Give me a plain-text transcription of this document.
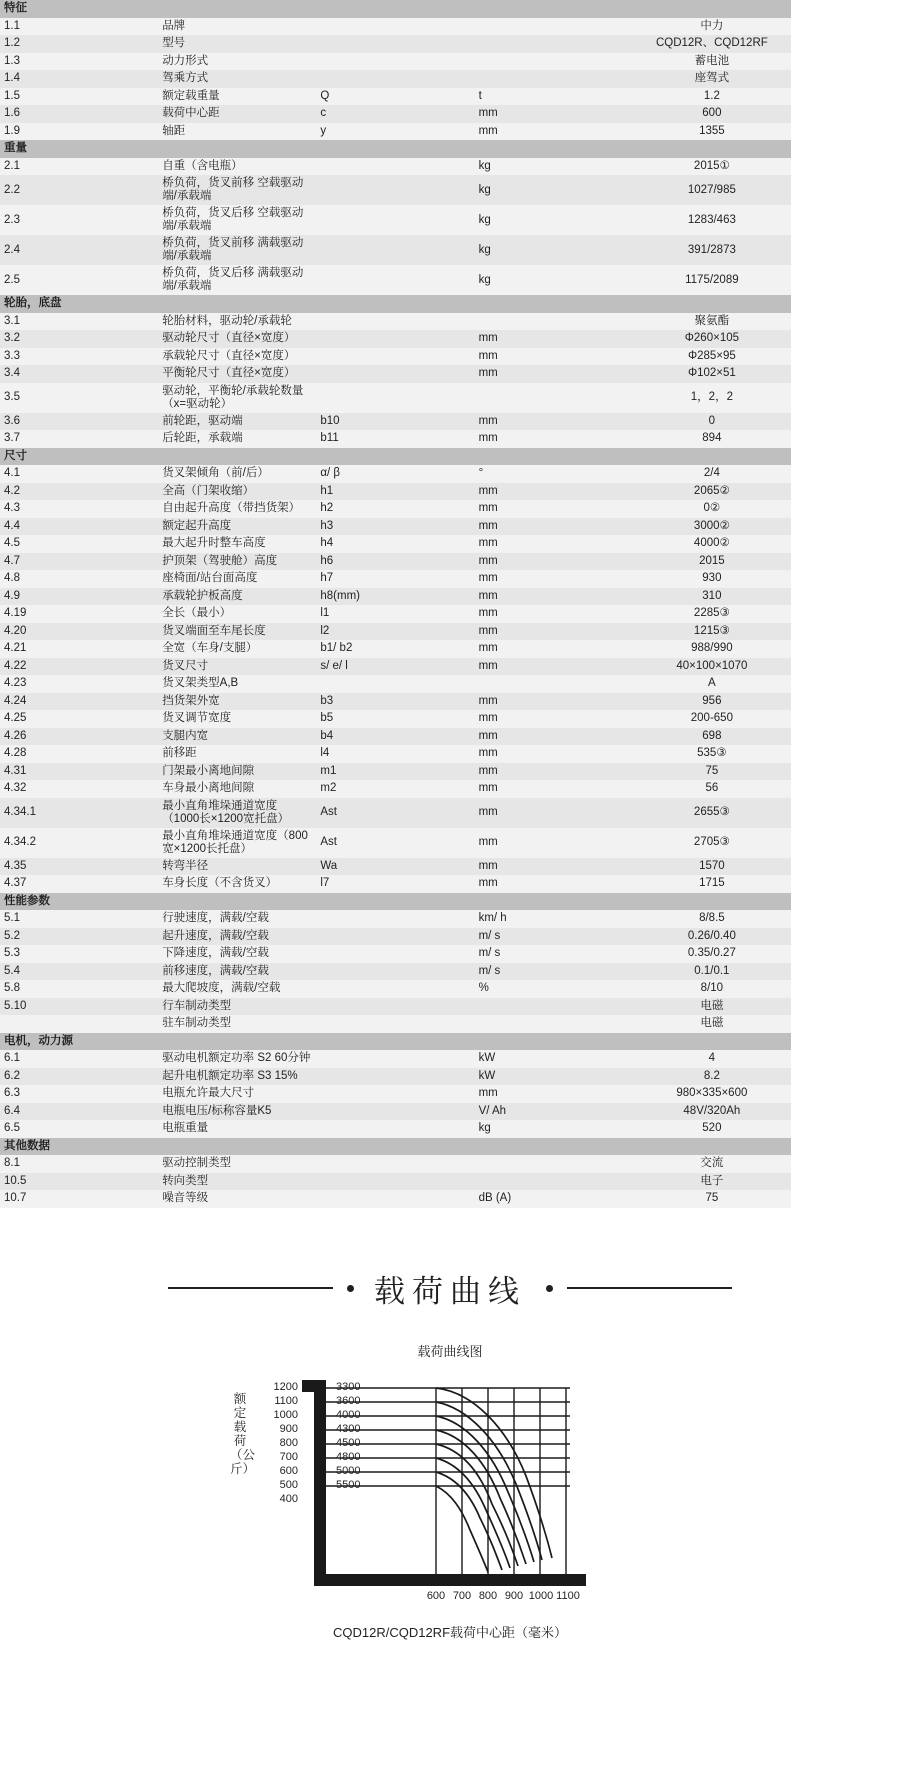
特征				
1.1	品牌			中力
1.2	型号			CQD12R、CQD12RF
1.3	动力形式			蓄电池
1.4	驾乘方式			座驾式
1.5	额定载重量	Q	t	1.2
1.6	载荷中心距	c	mm	600
1.9	轴距	y	mm	1355
重量				
2.1	自重（含电瓶）		kg	2015①
2.2	桥负荷，货叉前移 空载驱动端/承载端		kg	1027/985
2.3	桥负荷，货叉后移 空载驱动端/承载端		kg	1283/463
2.4	桥负荷，货叉前移 满载驱动端/承载端		kg	391/2873
2.5	桥负荷，货叉后移 满载驱动端/承载端		kg	1175/2089
轮胎，底盘				
3.1	轮胎材料，驱动轮/承载轮			聚氨酯
3.2	驱动轮尺寸（直径×宽度）		mm	Φ260×105
3.3	承载轮尺寸（直径×宽度）		mm	Φ285×95
3.4	平衡轮尺寸（直径×宽度）		mm	Φ102×51
3.5	驱动轮，平衡轮/承载轮数量（x=驱动轮）			1，2，2
3.6	前轮距，驱动端	b10	mm	0
3.7	后轮距，承载端	b11	mm	894
尺寸				
4.1	货叉架倾角（前/后）	α/ β	°	2/4
4.2	全高（门架收缩）	h1	mm	2065②
4.3	自由起升高度（带挡货架）	h2	mm	0②
4.4	额定起升高度	h3	mm	3000②
4.5	最大起升时整车高度	h4	mm	4000②
4.7	护顶架（驾驶舱）高度	h6	mm	2015
4.8	座椅面/站台面高度	h7	mm	930
4.9	承载轮护板高度	h8(mm)	mm	310
4.19	全长（最小）	l1	mm	2285③
4.20	货叉端面至车尾长度	l2	mm	1215③
4.21	全宽（车身/支腿）	b1/ b2	mm	988/990
4.22	货叉尺寸	s/ e/ l	mm	40×100×1070
4.23	货叉架类型A,B			A
4.24	挡货架外宽	b3	mm	956
4.25	货叉调节宽度	b5	mm	200-650
4.26	支腿内宽	b4	mm	698
4.28	前移距	l4	mm	535③
4.31	门架最小离地间隙	m1	mm	75
4.32	车身最小离地间隙	m2	mm	56
4.34.1	最小直角堆垛通道宽度（1000长×1200宽托盘）	Ast	mm	2655③
4.34.2	最小直角堆垛通道宽度（800宽×1200长托盘）	Ast	mm	2705③
4.35	转弯半径	Wa	mm	1570
4.37	车身长度（不含货叉）	l7	mm	1715
性能参数				
5.1	行驶速度，满载/空载		km/ h	8/8.5
5.2	起升速度，满载/空载		m/ s	0.26/0.40
5.3	下降速度，满载/空载		m/ s	0.35/0.27
5.4	前移速度，满载/空载		m/ s	0.1/0.1
5.8	最大爬坡度，满载/空载		%	8/10
5.10	行车制动类型			电磁
	驻车制动类型			电磁
电机，动力源				
6.1	驱动电机额定功率 S2 60分钟		kW	4
6.2	起升电机额定功率 S3 15%		kW	8.2
6.3	电瓶允许最大尺寸		mm	980×335×600
6.4	电瓶电压/标称容量K5		V/ Ah	48V/320Ah
6.5	电瓶重量		kg	520
其他数据				
8.1	驱动控制类型			交流
10.5	转向类型			电子
10.7	噪音等级		dB (A)	75
载荷曲线
载荷曲线图
额定载荷（公斤）
1200
1100
1000
900
800
700
600
500
400
3300
3600
4000
4300
4500
4800
5000
5500
600 700 800 900 1000 1100
CQD12R/CQD12RF载荷中心距（毫米）
